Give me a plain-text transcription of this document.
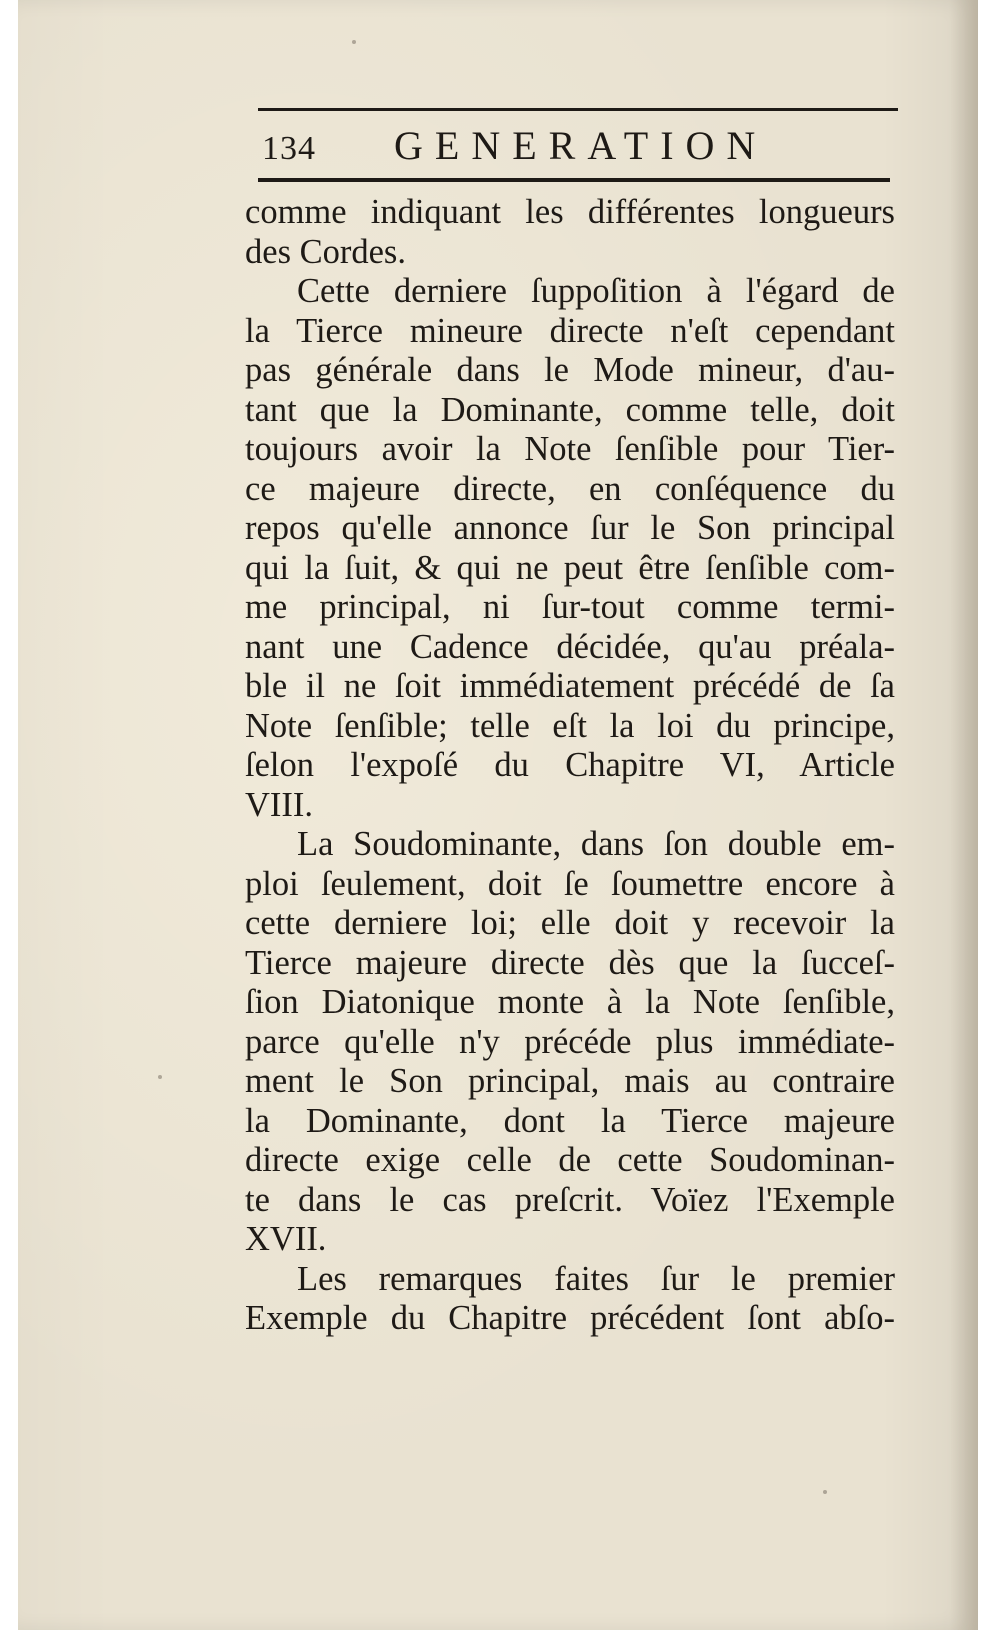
134 GENERATION
comme indiquant les différentes longueurs
des Cordes.
Cette derniere ſuppoſition à l'égard de
la Tierce mineure directe n'eſt cependant
pas générale dans le Mode mineur, d'au-
tant que la Dominante, comme telle, doit
toujours avoir la Note ſenſible pour Tier-
ce majeure directe, en conſéquence du
repos qu'elle annonce ſur le Son principal
qui la ſuit, & qui ne peut être ſenſible com-
me principal, ni ſur-tout comme termi-
nant une Cadence décidée, qu'au préala-
ble il ne ſoit immédiatement précédé de ſa
Note ſenſible; telle eſt la loi du principe,
ſelon l'expoſé du Chapitre VI, Article
VIII.
La Soudominante, dans ſon double em-
ploi ſeulement, doit ſe ſoumettre encore à
cette derniere loi; elle doit y recevoir la
Tierce majeure directe dès que la ſucceſ-
ſion Diatonique monte à la Note ſenſible,
parce qu'elle n'y précéde plus immédiate-
ment le Son principal, mais au contraire
la Dominante, dont la Tierce majeure
directe exige celle de cette Soudominan-
te dans le cas preſcrit. Voïez l'Exemple
XVII.
Les remarques faites ſur le premier
Exemple du Chapitre précédent ſont abſo-
